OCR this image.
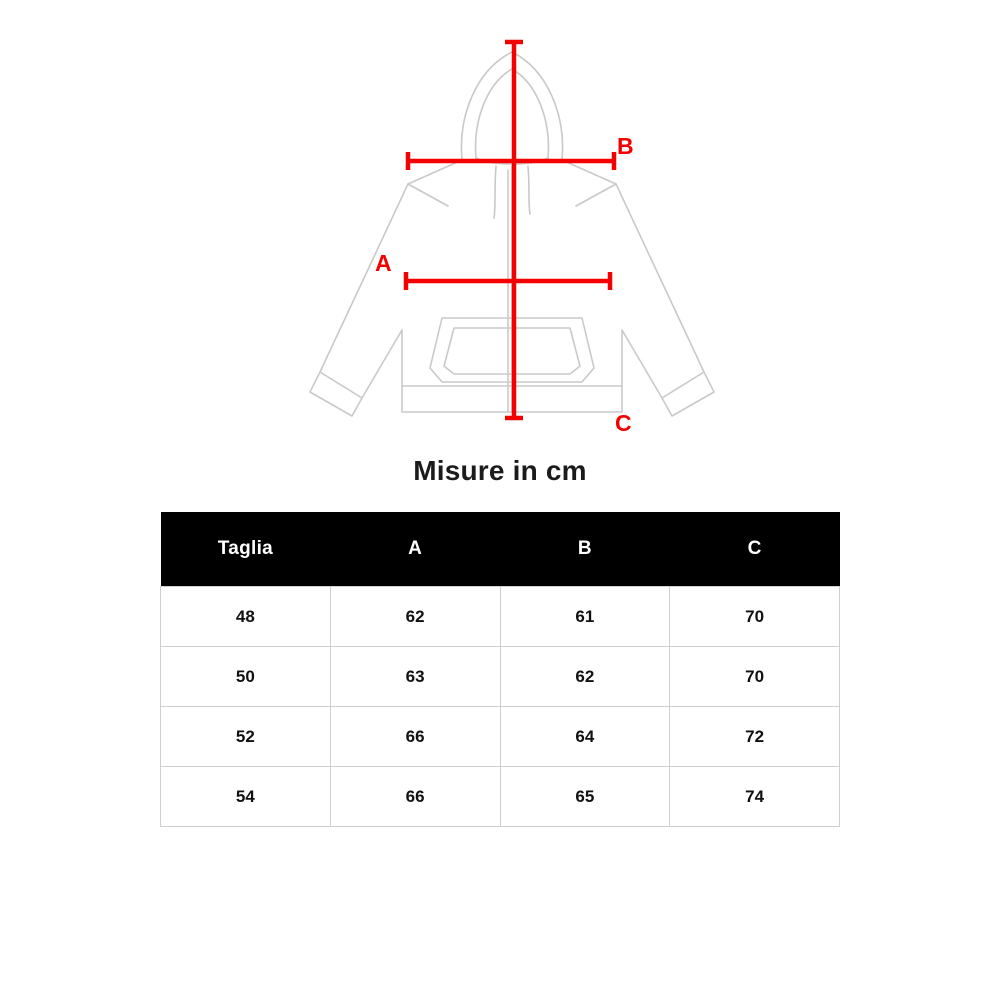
A
B
C
Misure in cm
Taglia	A	B	C
48	62	61	70
50	63	62	70
52	66	64	72
54	66	65	74
